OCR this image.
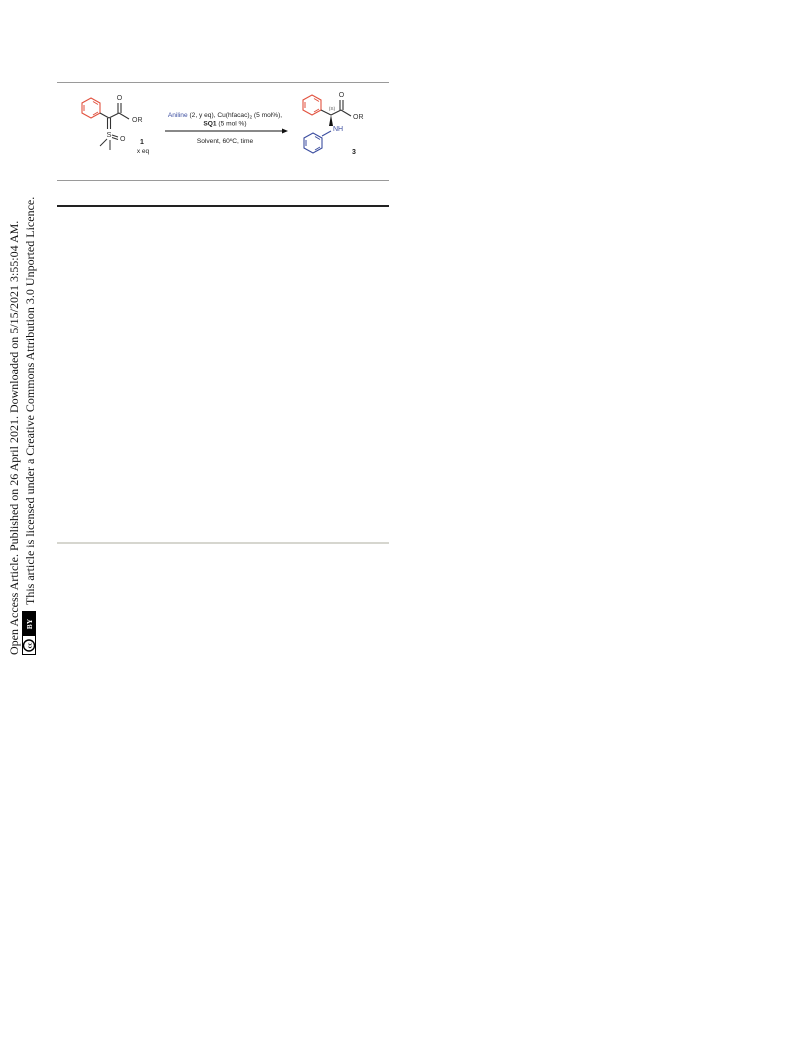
Open Access Article. Published on 26 April 2021. Downloaded on 5/15/2021 3:55:04 AM. cc
BY
This article is licensed under a Creative Commons Attribution 3.0 Unported Licence.
O
OR
S
O 1
x eq
Aniline (2, y eq), $Cu(hfacac)_2$ (5 mol%),
SQ1 (5 mol %)
Solvent, 60ºC, time
(S)
O
OR
NH
3
